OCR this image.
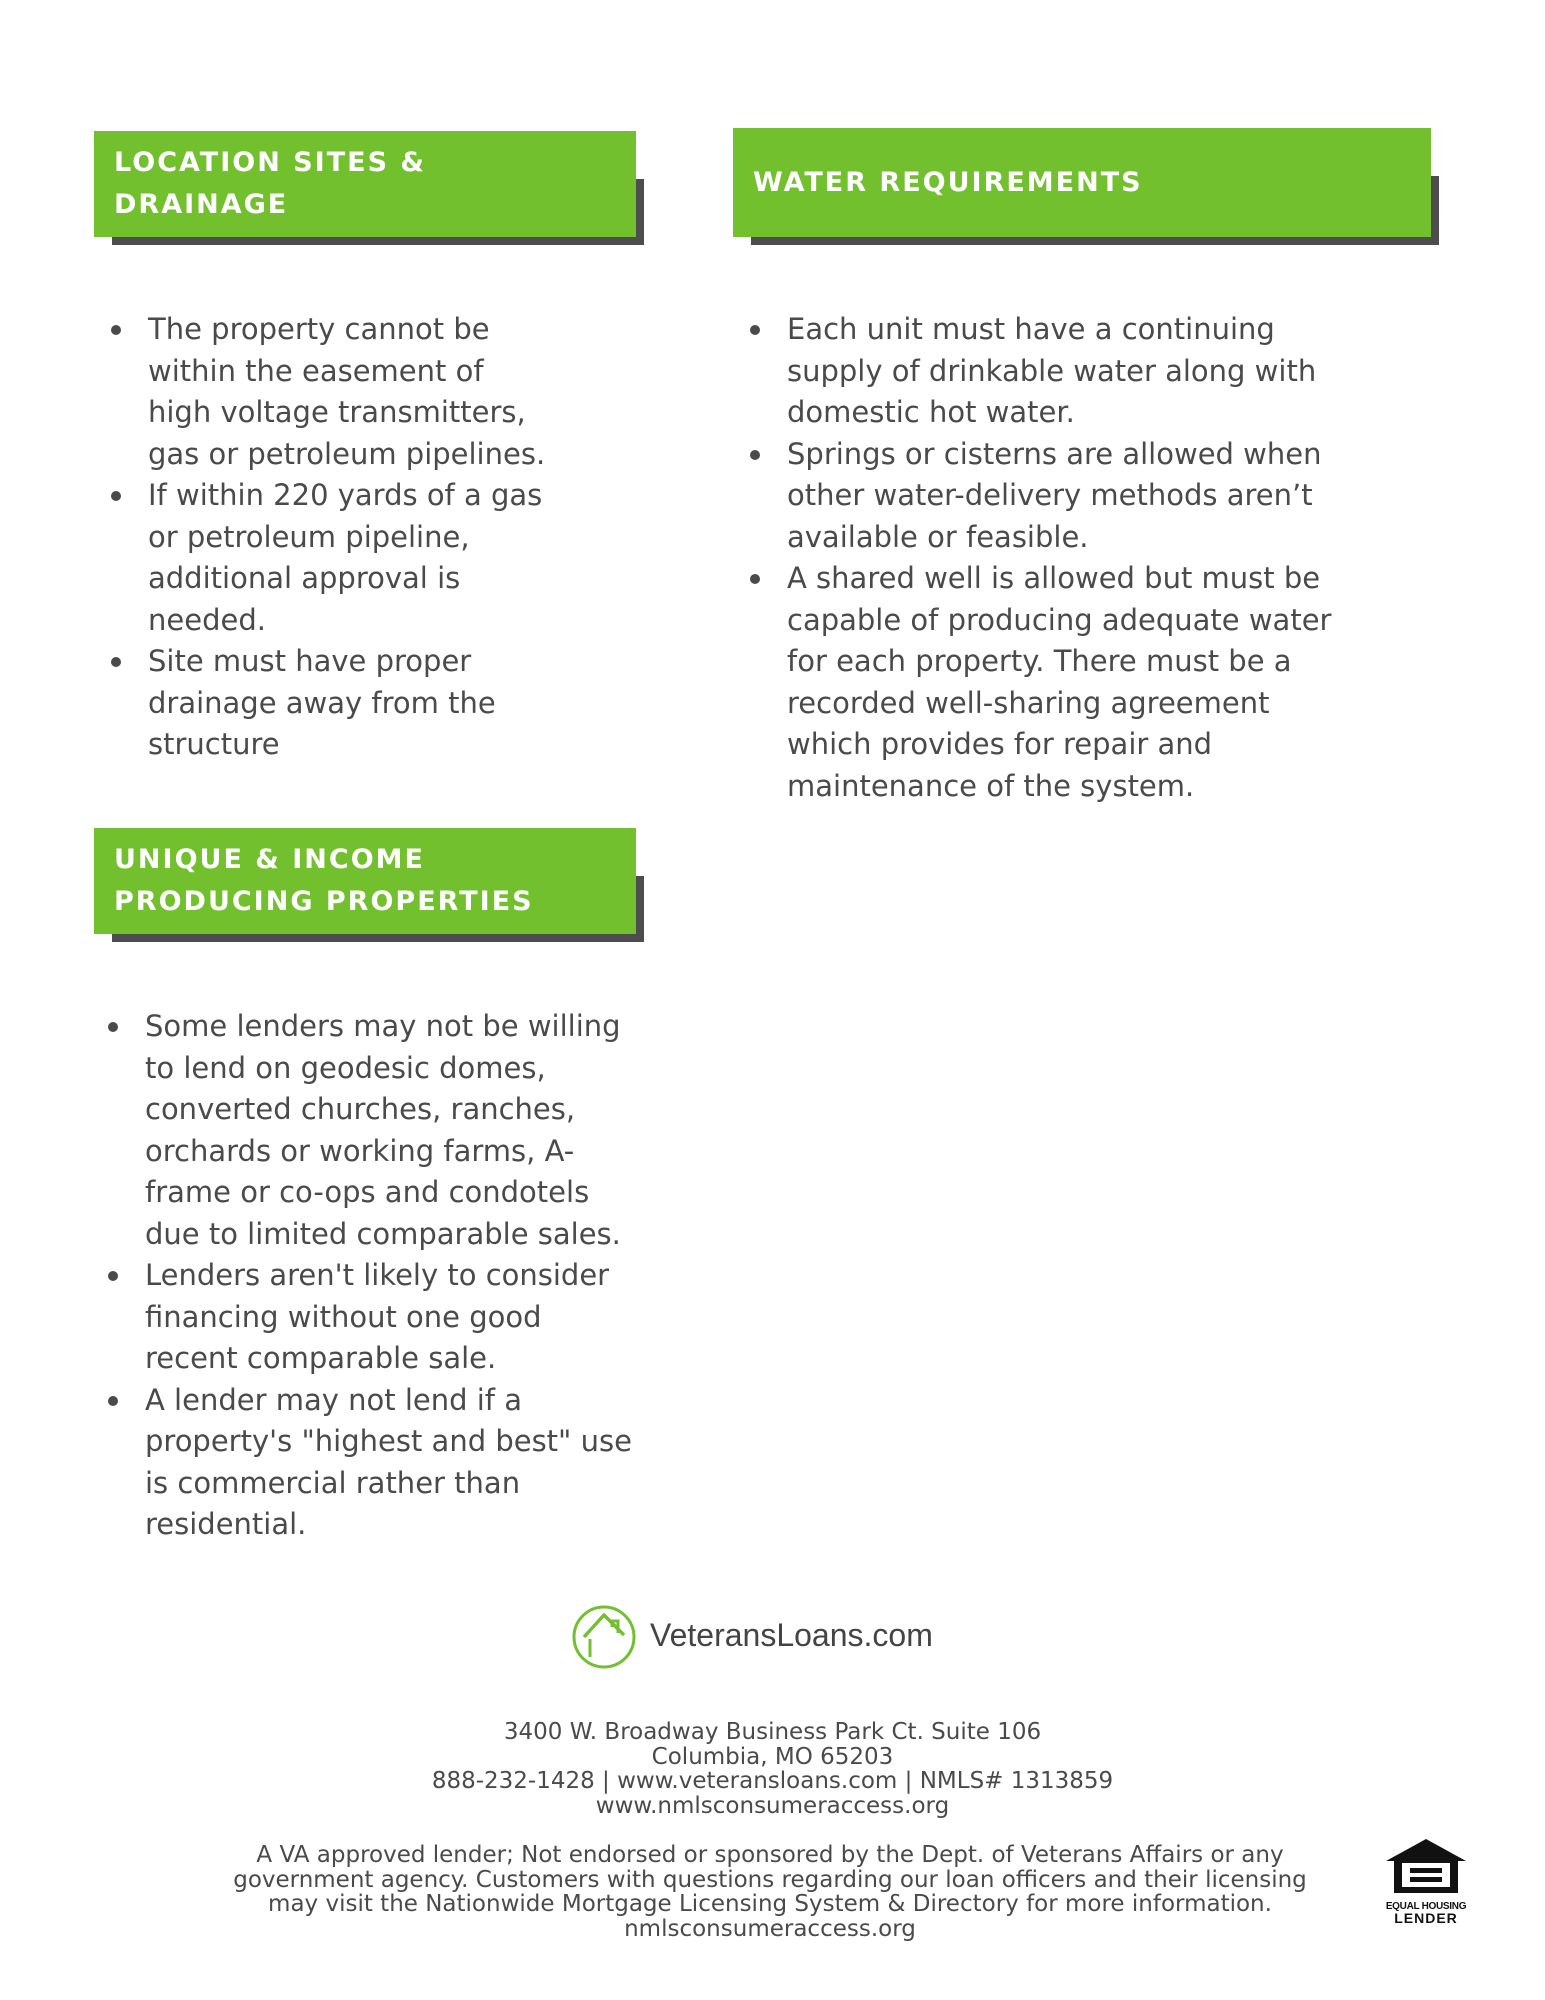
LOCATION SITES &
DRAINAGE
The property cannot be
within the easement of
high voltage transmitters,
gas or petroleum pipelines.
If within 220 yards of a gas
or petroleum pipeline,
additional approval is
needed.
Site must have proper
drainage away from the
structure
WATER REQUIREMENTS
Each unit must have a continuing
supply of drinkable water along with
domestic hot water.
Springs or cisterns are allowed when
other water-delivery methods aren’t
available or feasible.
A shared well is allowed but must be
capable of producing adequate water
for each property. There must be a
recorded well-sharing agreement
which provides for repair and
maintenance of the system.
UNIQUE & INCOME
PRODUCING PROPERTIES
Some lenders may not be willing
to lend on geodesic domes,
converted churches, ranches,
orchards or working farms, A-
frame or co-ops and condotels
due to limited comparable sales.
Lenders aren't likely to consider
financing without one good
recent comparable sale.
A lender may not lend if a
property's "highest and best" use
is commercial rather than
residential.
VeteransLoans.com
3400 W. Broadway Business Park Ct. Suite 106
Columbia, MO 65203
888-232-1428 | www.veteransloans.com | NMLS# 1313859
www.nmlsconsumeraccess.org
A VA approved lender; Not endorsed or sponsored by the Dept. of Veterans Affairs or any
government agency. Customers with questions regarding our loan officers and their licensing
may visit the Nationwide Mortgage Licensing System & Directory for more information.
nmlsconsumeraccess.org
EQUAL HOUSING
LENDER
